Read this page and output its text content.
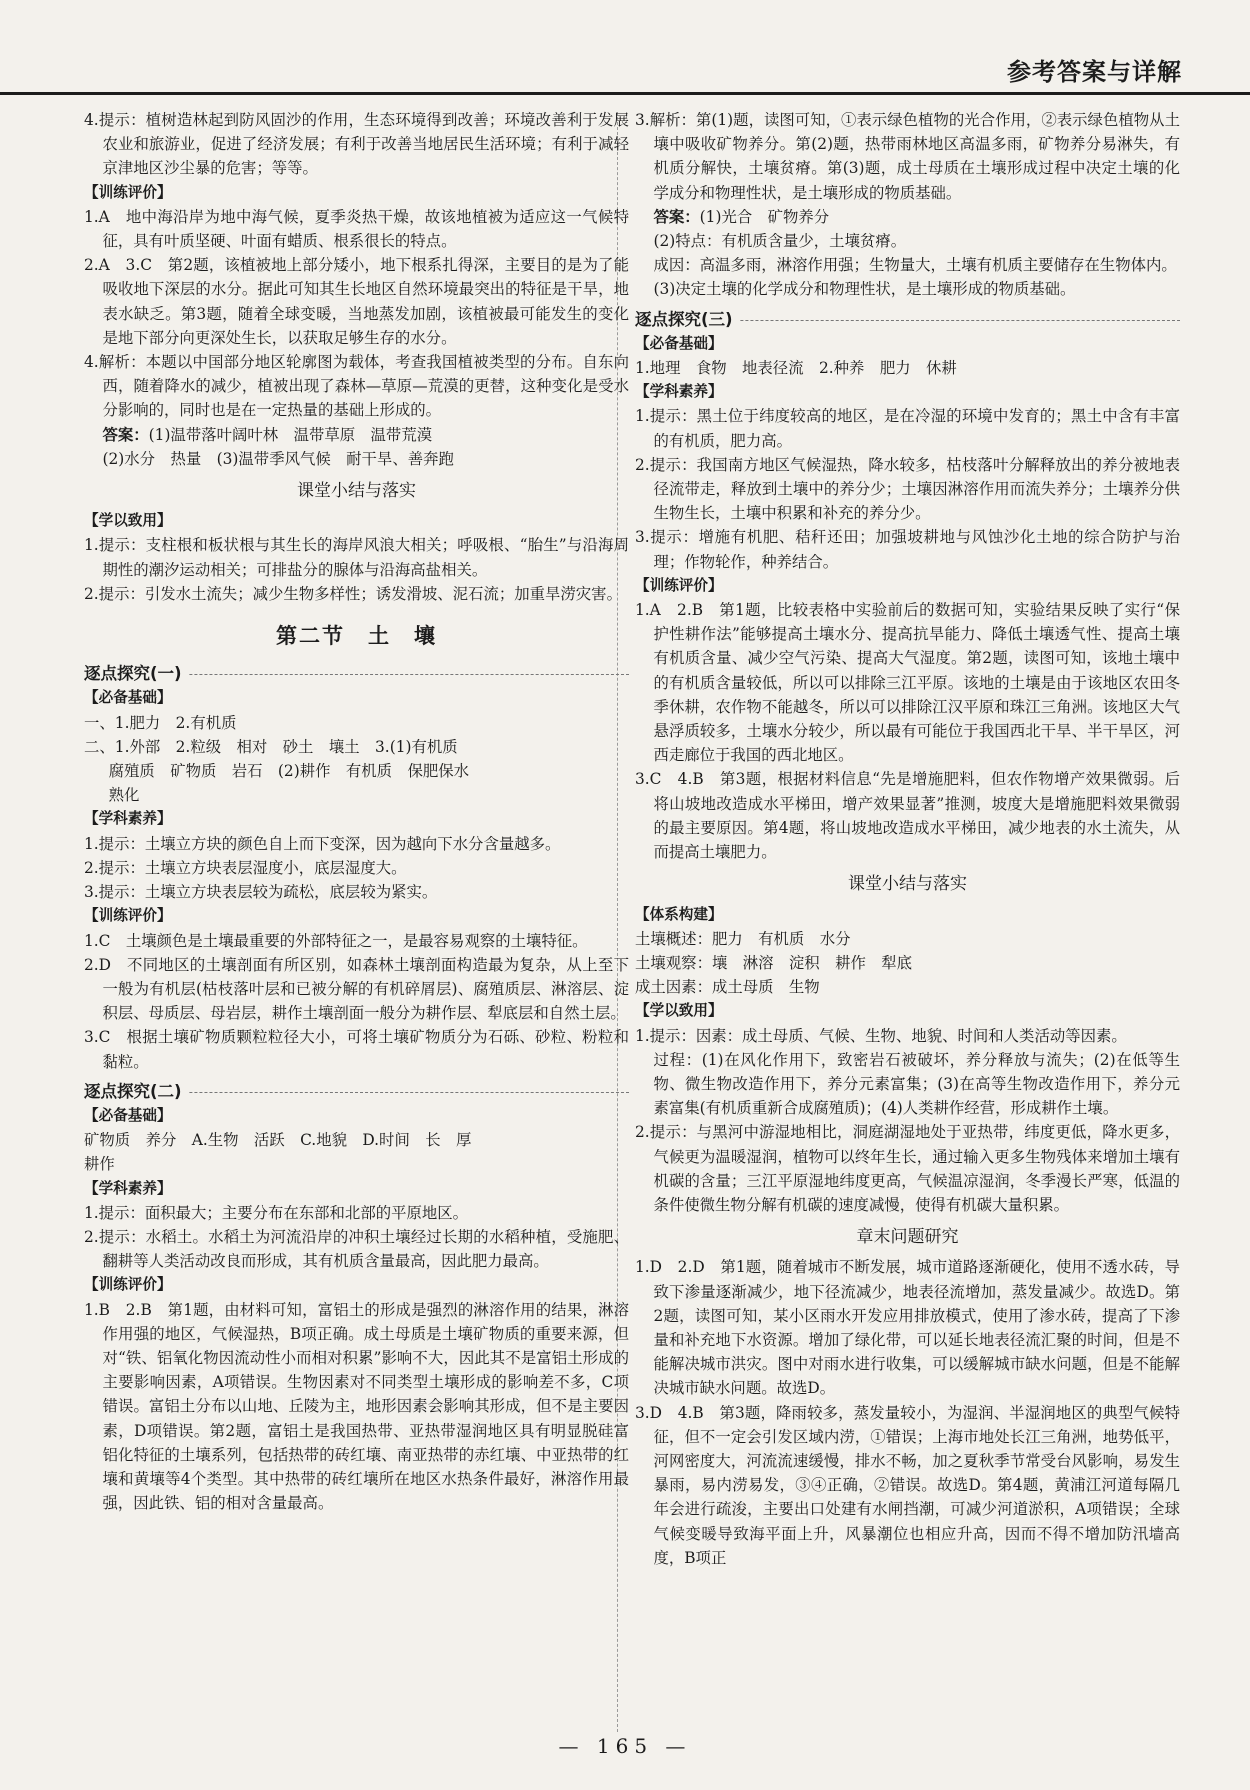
参考答案与详解

4.提示：植树造林起到防风固沙的作用，生态环境得到改善；环境改善利于发展农业和旅游业，促进了经济发展；有利于改善当地居民生活环境；有利于减轻京津地区沙尘暴的危害；等等。

【训练评价】

1.A　地中海沿岸为地中海气候，夏季炎热干燥，故该地植被为适应这一气候特征，具有叶质坚硬、叶面有蜡质、根系很长的特点。

2.A　3.C　第2题，该植被地上部分矮小，地下根系扎得深，主要目的是为了能吸收地下深层的水分。据此可知其生长地区自然环境最突出的特征是干旱，地表水缺乏。第3题，随着全球变暖，当地蒸发加剧，该植被最可能发生的变化是地下部分向更深处生长，以获取足够生存的水分。

4.解析：本题以中国部分地区轮廓图为载体，考查我国植被类型的分布。自东向西，随着降水的减少，植被出现了森林—草原—荒漠的更替，这种变化是受水分影响的，同时也是在一定热量的基础上形成的。

答案：(1)温带落叶阔叶林　温带草原　温带荒漠

(2)水分　热量　(3)温带季风气候　耐干旱、善奔跑

课堂小结与落实

【学以致用】

1.提示：支柱根和板状根与其生长的海岸风浪大相关；呼吸根、“胎生”与沿海周期性的潮汐运动相关；可排盐分的腺体与沿海高盐相关。

2.提示：引发水土流失；减少生物多样性；诱发滑坡、泥石流；加重旱涝灾害。

第二节　土　壤
逐点探究(一)

【必备基础】

一、1.肥力　2.有机质

二、1.外部　2.粒级　相对　砂土　壤土　3.(1)有机质

腐殖质　矿物质　岩石　(2)耕作　有机质　保肥保水

熟化

【学科素养】

1.提示：土壤立方块的颜色自上而下变深，因为越向下水分含量越多。

2.提示：土壤立方块表层湿度小，底层湿度大。

3.提示：土壤立方块表层较为疏松，底层较为紧实。

【训练评价】

1.C　土壤颜色是土壤最重要的外部特征之一，是最容易观察的土壤特征。

2.D　不同地区的土壤剖面有所区别，如森林土壤剖面构造最为复杂，从上至下一般为有机层(枯枝落叶层和已被分解的有机碎屑层)、腐殖质层、淋溶层、淀积层、母质层、母岩层，耕作土壤剖面一般分为耕作层、犁底层和自然土层。

3.C　根据土壤矿物质颗粒粒径大小，可将土壤矿物质分为石砾、砂粒、粉粒和黏粒。

逐点探究(二)

【必备基础】

矿物质　养分　A.生物　活跃　C.地貌　D.时间　长　厚

耕作

【学科素养】

1.提示：面积最大；主要分布在东部和北部的平原地区。

2.提示：水稻土。水稻土为河流沿岸的冲积土壤经过长期的水稻种植，受施肥、翻耕等人类活动改良而形成，其有机质含量最高，因此肥力最高。

【训练评价】

1.B　2.B　第1题，由材料可知，富铝土的形成是强烈的淋溶作用的结果，淋溶作用强的地区，气候湿热，B项正确。成土母质是土壤矿物质的重要来源，但对“铁、铝氧化物因流动性小而相对积累”影响不大，因此其不是富铝土形成的主要影响因素，A项错误。生物因素对不同类型土壤形成的影响差不多，C项错误。富铝土分布以山地、丘陵为主，地形因素会影响其形成，但不是主要因素，D项错误。第2题，富铝土是我国热带、亚热带湿润地区具有明显脱硅富铝化特征的土壤系列，包括热带的砖红壤、南亚热带的赤红壤、中亚热带的红壤和黄壤等4个类型。其中热带的砖红壤所在地区水热条件最好，淋溶作用最强，因此铁、铝的相对含量最高。

3.解析：第(1)题，读图可知，①表示绿色植物的光合作用，②表示绿色植物从土壤中吸收矿物养分。第(2)题，热带雨林地区高温多雨，矿物养分易淋失，有机质分解快，土壤贫瘠。第(3)题，成土母质在土壤形成过程中决定土壤的化学成分和物理性状，是土壤形成的物质基础。

答案：(1)光合　矿物养分

(2)特点：有机质含量少，土壤贫瘠。

成因：高温多雨，淋溶作用强；生物量大，土壤有机质主要储存在生物体内。

(3)决定土壤的化学成分和物理性状，是土壤形成的物质基础。

逐点探究(三)

【必备基础】

1.地理　食物　地表径流　2.种养　肥力　休耕

【学科素养】

1.提示：黑土位于纬度较高的地区，是在冷湿的环境中发育的；黑土中含有丰富的有机质，肥力高。

2.提示：我国南方地区气候湿热，降水较多，枯枝落叶分解释放出的养分被地表径流带走，释放到土壤中的养分少；土壤因淋溶作用而流失养分；土壤养分供生物生长，土壤中积累和补充的养分少。

3.提示：增施有机肥、秸秆还田；加强坡耕地与风蚀沙化土地的综合防护与治理；作物轮作，种养结合。

【训练评价】

1.A　2.B　第1题，比较表格中实验前后的数据可知，实验结果反映了实行“保护性耕作法”能够提高土壤水分、提高抗旱能力、降低土壤透气性、提高土壤有机质含量、减少空气污染、提高大气湿度。第2题，读图可知，该地土壤中的有机质含量较低，所以可以排除三江平原。该地的土壤是由于该地区农田冬季休耕，农作物不能越冬，所以可以排除江汉平原和珠江三角洲。该地区大气悬浮质较多，土壤水分较少，所以最有可能位于我国西北干旱、半干旱区，河西走廊位于我国的西北地区。

3.C　4.B　第3题，根据材料信息“先是增施肥料，但农作物增产效果微弱。后将山坡地改造成水平梯田，增产效果显著”推测，坡度大是增施肥料效果微弱的最主要原因。第4题，将山坡地改造成水平梯田，减少地表的水土流失，从而提高土壤肥力。

课堂小结与落实

【体系构建】

土壤概述：肥力　有机质　水分

土壤观察：壤　淋溶　淀积　耕作　犁底

成土因素：成土母质　生物

【学以致用】

1.提示：因素：成土母质、气候、生物、地貌、时间和人类活动等因素。

过程：(1)在风化作用下，致密岩石被破坏，养分释放与流失；(2)在低等生物、微生物改造作用下，养分元素富集；(3)在高等生物改造作用下，养分元素富集(有机质重新合成腐殖质)；(4)人类耕作经营，形成耕作土壤。

2.提示：与黑河中游湿地相比，洞庭湖湿地处于亚热带，纬度更低，降水更多，气候更为温暖湿润，植物可以终年生长，通过输入更多生物残体来增加土壤有机碳的含量；三江平原湿地纬度更高，气候温凉湿润，冬季漫长严寒，低温的条件使微生物分解有机碳的速度减慢，使得有机碳大量积累。

章末问题研究

1.D　2.D　第1题，随着城市不断发展，城市道路逐渐硬化，使用不透水砖，导致下渗量逐渐减少，地下径流减少，地表径流增加，蒸发量减少。故选D。第2题，读图可知，某小区雨水开发应用排放模式，使用了渗水砖，提高了下渗量和补充地下水资源。增加了绿化带，可以延长地表径流汇聚的时间，但是不能解决城市洪灾。图中对雨水进行收集，可以缓解城市缺水问题，但是不能解决城市缺水问题。故选D。

3.D　4.B　第3题，降雨较多，蒸发量较小，为湿润、半湿润地区的典型气候特征，但不一定会引发区域内涝，①错误；上海市地处长江三角洲，地势低平，河网密度大，河流流速缓慢，排水不畅，加之夏秋季节常受台风影响，易发生暴雨，易内涝易发，③④正确，②错误。故选D。第4题，黄浦江河道每隔几年会进行疏浚，主要出口处建有水闸挡潮，可减少河道淤积，A项错误；全球气候变暖导致海平面上升，风暴潮位也相应升高，因而不得不增加防汛墙高度，B项正

— 165 —
